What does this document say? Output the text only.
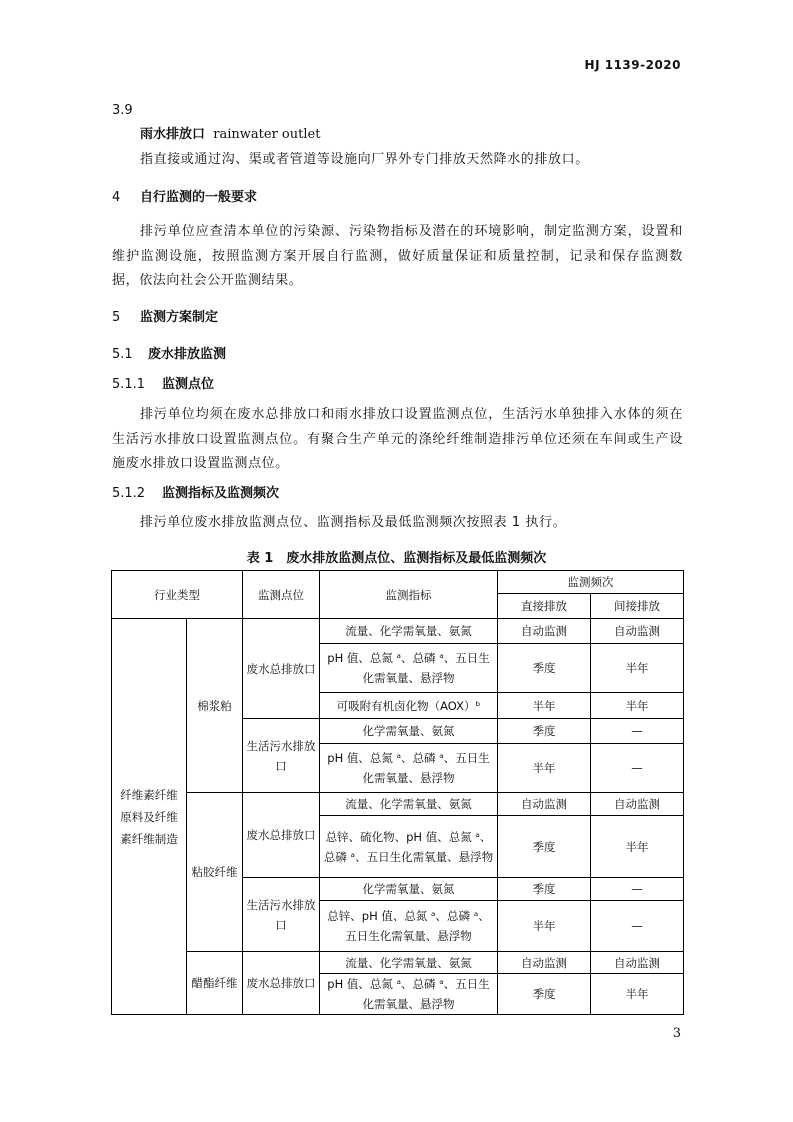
HJ 1139-2020
3.9
雨水排放口 rainwater outlet
指直接或通过沟、渠或者管道等设施向厂界外专门排放天然降水的排放口。
4 自行监测的一般要求
排污单位应查清本单位的污染源、污染物指标及潜在的环境影响，制定监测方案，设置和维护监测设施，按照监测方案开展自行监测，做好质量保证和质量控制，记录和保存监测数据，依法向社会公开监测结果。
5 监测方案制定
5.1 废水排放监测
5.1.1 监测点位
排污单位均须在废水总排放口和雨水排放口设置监测点位，生活污水单独排入水体的须在生活污水排放口设置监测点位。有聚合生产单元的涤纶纤维制造排污单位还须在车间或生产设施废水排放口设置监测点位。
5.1.2 监测指标及监测频次
排污单位废水排放监测点位、监测指标及最低监测频次按照表 1 执行。
表 1　废水排放监测点位、监测指标及最低监测频次
行业类型		监测点位	监测指标	监测频次	
				直接排放	间接排放
纤维素纤维原料及纤维素纤维制造	棉浆粕	废水总排放口	流量、化学需氧量、氨氮	自动监测	自动监测
			pH 值、总氮 ᵃ、总磷 ᵃ、五日生化需氧量、悬浮物	季度	半年
			可吸附有机卤化物（AOX）ᵇ	半年	半年
		生活污水排放口	化学需氧量、氨氮	季度	—
			pH 值、总氮 ᵃ、总磷 ᵃ、五日生化需氧量、悬浮物	半年	—
	粘胶纤维	废水总排放口	流量、化学需氧量、氨氮	自动监测	自动监测
			总锌、硫化物、pH 值、总氮 ᵃ、总磷 ᵃ、五日生化需氧量、悬浮物	季度	半年
		生活污水排放口	化学需氧量、氨氮	季度	—
			总锌、pH 值、总氮 ᵃ、总磷 ᵃ、五日生化需氧量、悬浮物	半年	—
	醋酯纤维	废水总排放口	流量、化学需氧量、氨氮	自动监测	自动监测
			pH 值、总氮 ᵃ、总磷 ᵃ、五日生化需氧量、悬浮物	季度	半年
3
